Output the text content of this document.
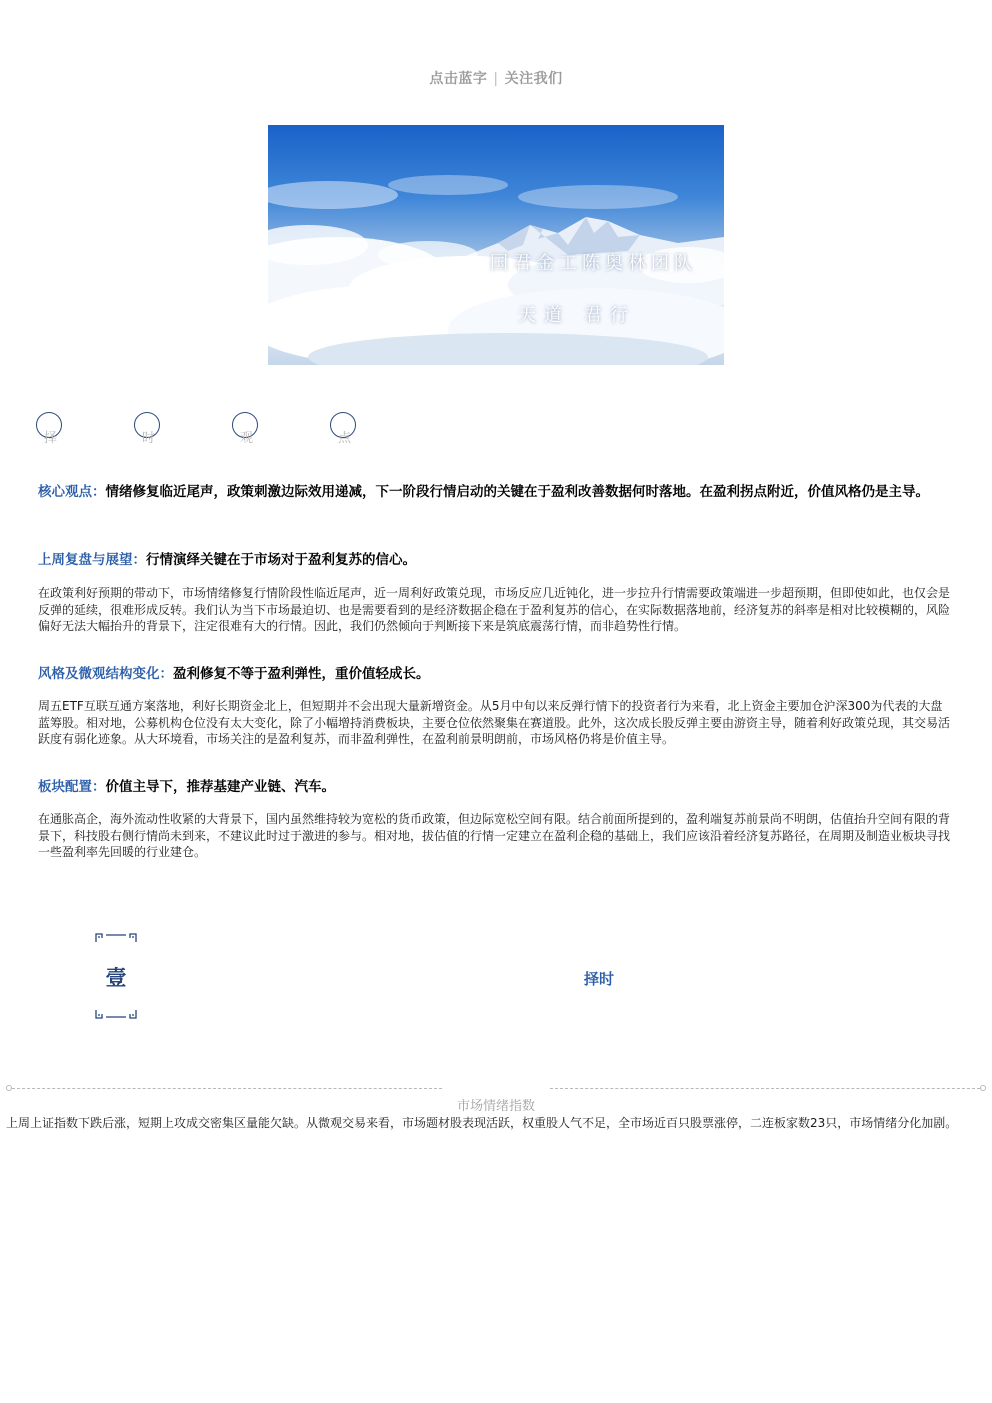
点击蓝字 | 关注我们
国君金工陈奥林团队
天道 君行
择	时	观	点
核心观点：情绪修复临近尾声，政策刺激边际效用递减，下一阶段行情启动的关键在于盈利改善数据何时落地。在盈利拐点附近，价值风格仍是主导。
上周复盘与展望：行情演绎关键在于市场对于盈利复苏的信心。
在政策利好预期的带动下，市场情绪修复行情阶段性临近尾声，近一周利好政策兑现，市场反应几近钝化，进一步拉升行情需要政策端进一步超预期，但即使如此，也仅会是反弹的延续，很难形成反转。我们认为当下市场最迫切、也是需要看到的是经济数据企稳在于盈利复苏的信心，在实际数据落地前，经济复苏的斜率是相对比较模糊的，风险偏好无法大幅抬升的背景下，注定很难有大的行情。因此，我们仍然倾向于判断接下来是筑底震荡行情，而非趋势性行情。
风格及微观结构变化：盈利修复不等于盈利弹性，重价值轻成长。
周五ETF互联互通方案落地，利好长期资金北上，但短期并不会出现大量新增资金。从5月中旬以来反弹行情下的投资者行为来看，北上资金主要加仓沪深300为代表的大盘蓝筹股。相对地，公募机构仓位没有太大变化，除了小幅增持消费板块，主要仓位依然聚集在赛道股。此外，这次成长股反弹主要由游资主导，随着利好政策兑现，其交易活跃度有弱化迹象。从大环境看，市场关注的是盈利复苏，而非盈利弹性，在盈利前景明朗前，市场风格仍将是价值主导。
板块配置：价值主导下，推荐基建产业链、汽车。
在通胀高企，海外流动性收紧的大背景下，国内虽然维持较为宽松的货币政策，但边际宽松空间有限。结合前面所提到的，盈利端复苏前景尚不明朗，估值抬升空间有限的背景下，科技股右侧行情尚未到来，不建议此时过于激进的参与。相对地，拔估值的行情一定建立在盈利企稳的基础上，我们应该沿着经济复苏路径，在周期及制造业板块寻找一些盈利率先回暖的行业建仓。
壹	择时
市场情绪指数
上周上证指数下跌后涨，短期上攻成交密集区量能欠缺。从微观交易来看，市场题材股表现活跃，权重股人气不足，全市场近百只股票涨停，二连板家数23只，市场情绪分化加剧。
